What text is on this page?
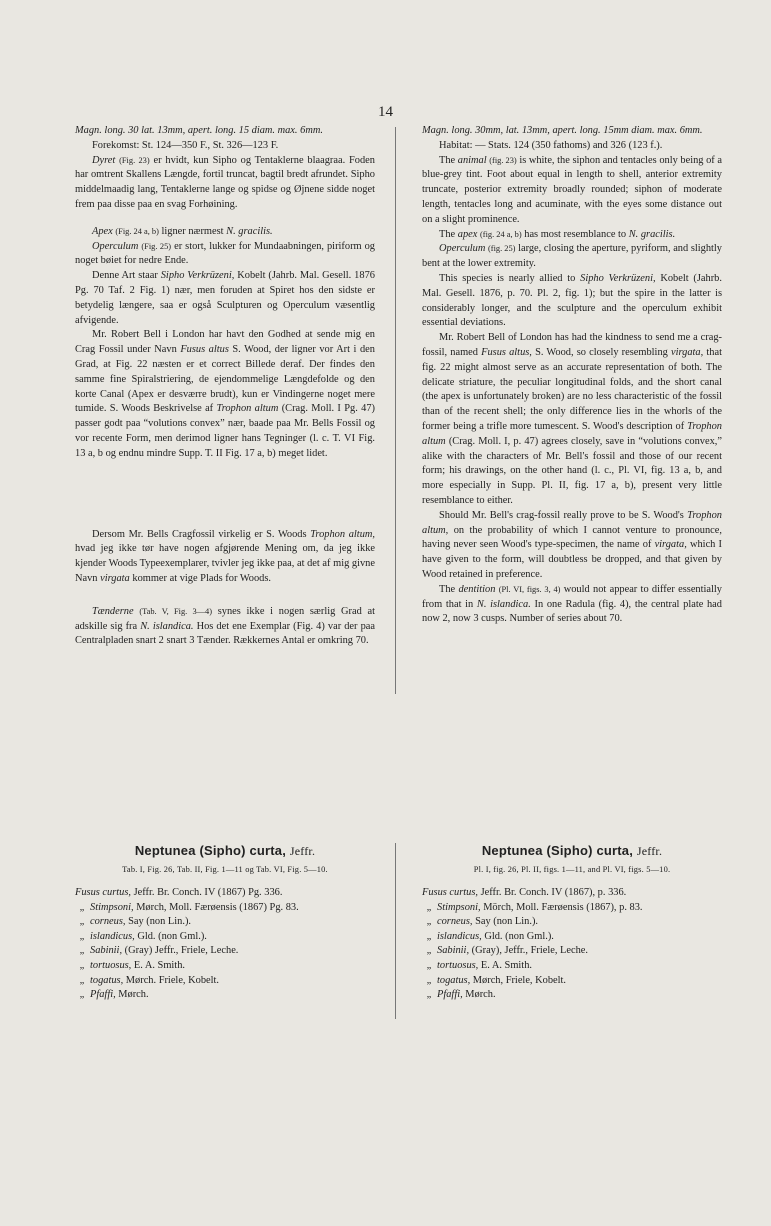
14

Magn. long. 30 lat. 13mm, apert. long. 15 diam. max. 6mm.

Forekomst: St. 124—350 F., St. 326—123 F.

Dyret (Fig. 23) er hvidt, kun Sipho og Tentaklerne blaagraa. Foden har omtrent Skallens Længde, fortil truncat, bagtil bredt afrundet. Sipho middelmaadig lang, Tentaklerne lange og spidse og Øjnene sidde noget frem paa disse paa en svag Forhøining.

Apex (Fig. 24 a, b) ligner nærmest N. gracilis.

Operculum (Fig. 25) er stort, lukker for Mundaabningen, piriform og noget bøiet for nedre Ende.

Denne Art staar Sipho Verkrüzeni, Kobelt (Jahrb. Mal. Gesell. 1876 Pg. 70 Taf. 2 Fig. 1) nær, men foruden at Spiret hos den sidste er betydelig længere, saa er også Sculpturen og Operculum væsentlig afvigende.

Mr. Robert Bell i London har havt den Godhed at sende mig en Crag Fossil under Navn Fusus altus S. Wood, der ligner vor Art i den Grad, at Fig. 22 næsten er et correct Billede deraf. Der findes den samme fine Spiralstriering, de ejendommelige Længdefolde og den korte Canal (Apex er desværre brudt), kun er Vindingerne noget mere tumide. S. Woods Beskrivelse af Trophon altum (Crag. Moll. I Pg. 47) passer godt paa “volutions convex” nær, baade paa Mr. Bells Fossil og vor recente Form, men derimod ligner hans Tegninger (l. c. T. VI Fig. 13 a, b og endnu mindre Supp. T. II Fig. 17 a, b) meget lidet.

Dersom Mr. Bells Cragfossil virkelig er S. Woods Trophon altum, hvad jeg ikke tør have nogen afgjørende Mening om, da jeg ikke kjender Woods Typeexemplarer, tvivler jeg ikke paa, at det af mig givne Navn virgata kommer at vige Plads for Woods.

Tænderne (Tab. V, Fig. 3—4) synes ikke i nogen særlig Grad at adskille sig fra N. islandica. Hos det ene Exemplar (Fig. 4) var der paa Centralpladen snart 2 snart 3 Tænder. Rækkernes Antal er omkring 70.

Magn. long. 30mm, lat. 13mm, apert. long. 15mm diam. max. 6mm.

Habitat: — Stats. 124 (350 fathoms) and 326 (123 f.).

The animal (fig. 23) is white, the siphon and tentacles only being of a blue-grey tint. Foot about equal in length to shell, anterior extremity truncate, posterior extremity broadly rounded; siphon of moderate length, tentacles long and acuminate, with the eyes some distance out on a slight prominence.

The apex (fig. 24 a, b) has most resemblance to N. gracilis.

Operculum (fig. 25) large, closing the aperture, pyriform, and slightly bent at the lower extremity.

This species is nearly allied to Sipho Verkrüzeni, Kobelt (Jahrb. Mal. Gesell. 1876, p. 70. Pl. 2, fig. 1); but the spire in the latter is considerably longer, and the sculpture and the operculum exhibit essential deviations.

Mr. Robert Bell of London has had the kindness to send me a crag-fossil, named Fusus altus, S. Wood, so closely resembling virgata, that fig. 22 might almost serve as an accurate representation of both. The delicate striature, the peculiar longitudinal folds, and the short canal (the apex is unfortunately broken) are no less characteristic of the fossil than of the recent shell; the only difference lies in the whorls of the former being a trifle more tumescent. S. Wood's description of Trophon altum (Crag. Moll. I, p. 47) agrees closely, save in “volutions convex,” alike with the characters of Mr. Bell's fossil and those of our recent form; his drawings, on the other hand (l. c., Pl. VI, fig. 13 a, b, and more especially in Supp. Pl. II, fig. 17 a, b), present very little resemblance to either.

Should Mr. Bell's crag-fossil really prove to be S. Wood's Trophon altum, on the probability of which I cannot venture to pronounce, having never seen Wood's type-specimen, the name of virgata, which I have given to the form, will doubtless be dropped, and that given by Wood retained in preference.

The dentition (Pl. VI, figs. 3, 4) would not appear to differ essentially from that in N. islandica. In one Radula (fig. 4), the central plate had now 2, now 3 cusps. Number of series about 70.

Neptunea (Sipho) curta, Jeffr.
Tab. I, Fig. 26, Tab. II, Fig. 1—11 og Tab. VI, Fig. 5—10.
Fusus curtus, Jeffr. Br. Conch. IV (1867) Pg. 336.
„ Stimpsoni, Mørch, Moll. Færøensis (1867) Pg. 83.
„ corneus, Say (non Lin.).
„ islandicus, Gld. (non Gml.).
„ Sabinii, (Gray) Jeffr., Friele, Leche.
„ tortuosus, E. A. Smith.
„ togatus, Mørch. Friele, Kobelt.
„ Pfaffi, Mørch.
Neptunea (Sipho) curta, Jeffr.
Pl. I, fig. 26, Pl. II, figs. 1—11, and Pl. VI, figs. 5—10.
Fusus curtus, Jeffr. Br. Conch. IV (1867), p. 336.
„ Stimpsoni, Mörch, Moll. Færøensis (1867), p. 83.
„ corneus, Say (non Lin.).
„ islandicus, Gld. (non Gml.).
„ Sabinii, (Gray), Jeffr., Friele, Leche.
„ tortuosus, E. A. Smith.
„ togatus, Mørch, Friele, Kobelt.
„ Pfaffi, Mørch.
